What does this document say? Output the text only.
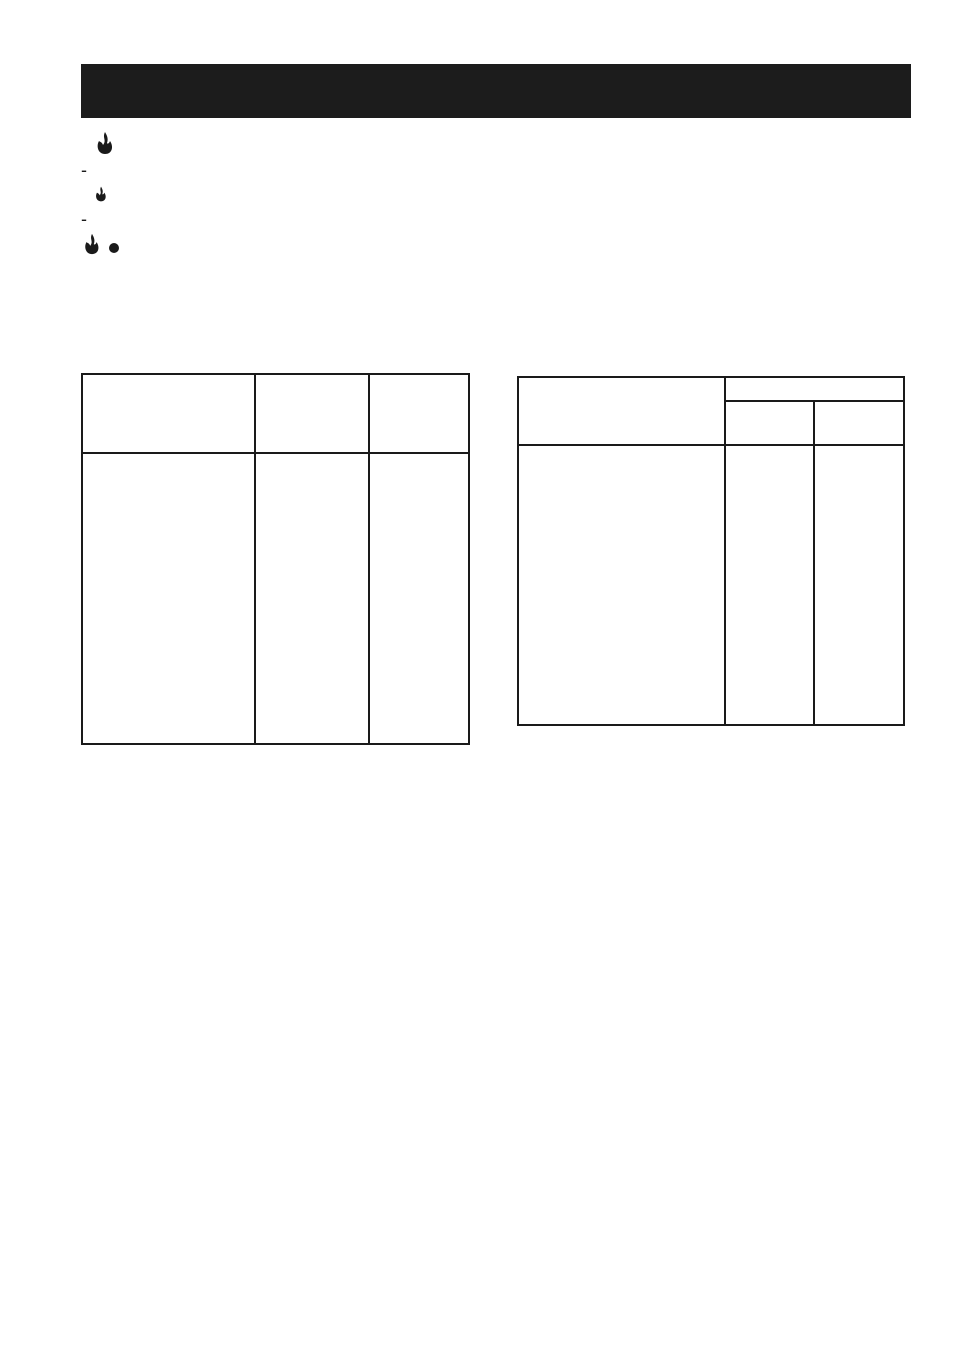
-

-
